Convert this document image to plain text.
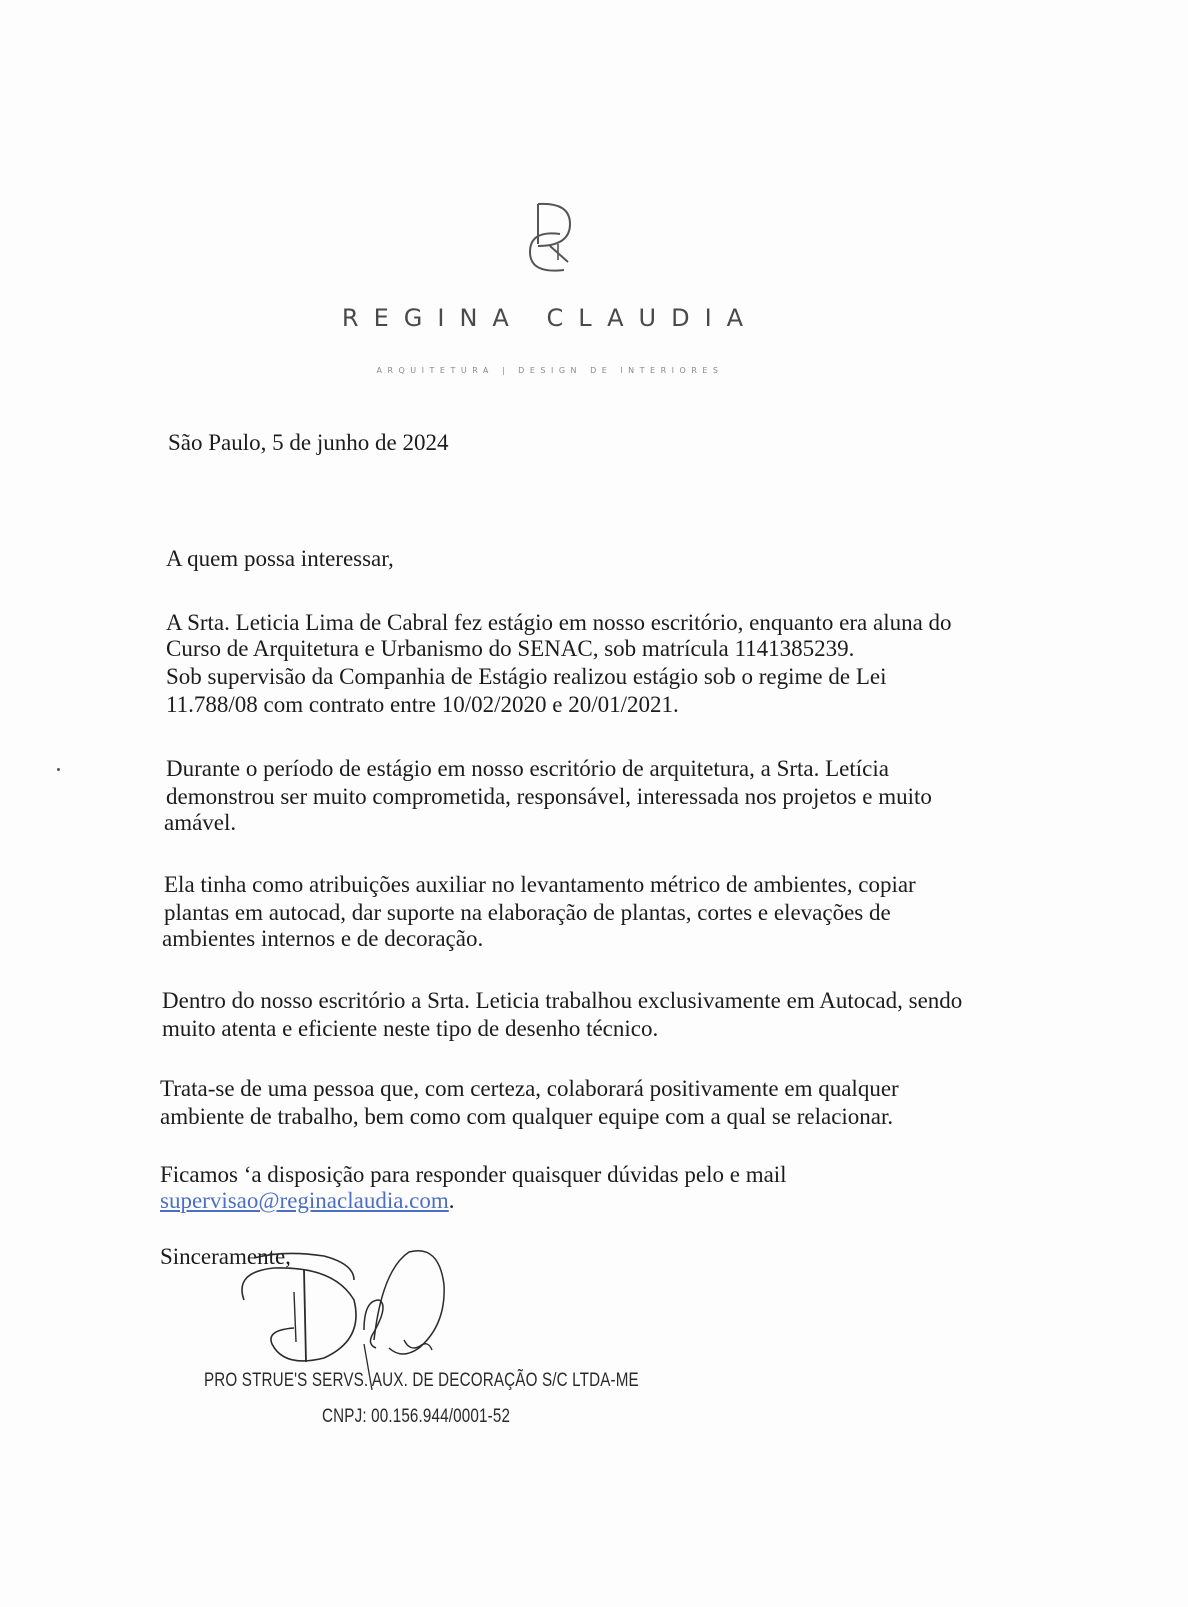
REGINA CLAUDIA
ARQUITETURA | DESIGN DE INTERIORES
São Paulo, 5 de junho de 2024
A quem possa interessar,
A Srta. Leticia Lima de Cabral fez estágio em nosso escritório, enquanto era aluna do
Curso de Arquitetura e Urbanismo do SENAC, sob matrícula 1141385239.
Sob supervisão da Companhia de Estágio realizou estágio sob o regime de Lei
11.788/08 com contrato entre 10/02/2020 e 20/01/2021.
Durante o período de estágio em nosso escritório de arquitetura, a Srta. Letícia
demonstrou ser muito comprometida, responsável, interessada nos projetos e muito
amável.
Ela tinha como atribuições auxiliar no levantamento métrico de ambientes, copiar
plantas em autocad, dar suporte na elaboração de plantas, cortes e elevações de
ambientes internos e de decoração.
Dentro do nosso escritório a Srta. Leticia trabalhou exclusivamente em Autocad, sendo
muito atenta e eficiente neste tipo de desenho técnico.
Trata-se de uma pessoa que, com certeza, colaborará positivamente em qualquer
ambiente de trabalho, bem como com qualquer equipe com a qual se relacionar.
Ficamos ‘a disposição para responder quaisquer dúvidas pelo e mail
supervisao@reginaclaudia.com.
Sinceramente,
PRO STRUE'S SERVS. AUX. DE DECORAÇÃO S/C LTDA-ME
CNPJ: 00.156.944/0001-52
